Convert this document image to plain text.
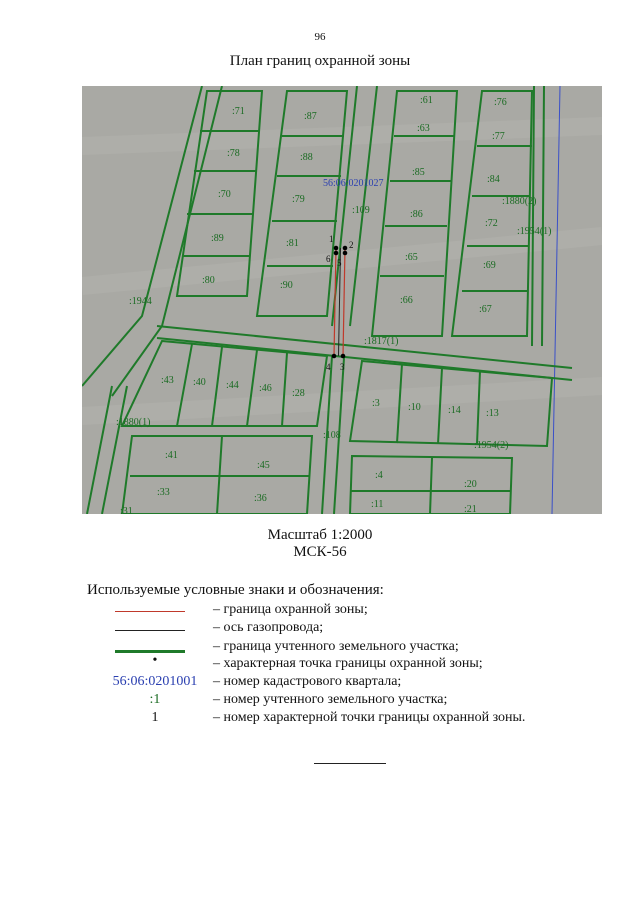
96
План границ охранной зоны
1
2
6 5
4 3
56:06:0201027
:71	:87
:61	:76
:78	:88
:63
:77
:70	:79
:85
:84
:109	:86
:1880(2)
:72
:89	:81
:1954(1)
:65
:69
:80	:90
:66
:67
:1944
:1817(1)
:43 :40 :44 :46 :28
:3	:10	:14	:13
:1880(1)
:108
:1954(2)
:41
:45
:4
:20
:33
:36
:11	:21
:31
Масштаб 1:2000
МСК-56
Используемые условные знаки и обозначения:
– граница охранной зоны;
– ось газопровода;
– граница учтенного земельного участка;
•	– характерная точка границы охранной зоны;
56:06:0201001	– номер кадастрового квартала;
:1	– номер учтенного земельного участка;
1	– номер характерной точки границы охранной зоны.
